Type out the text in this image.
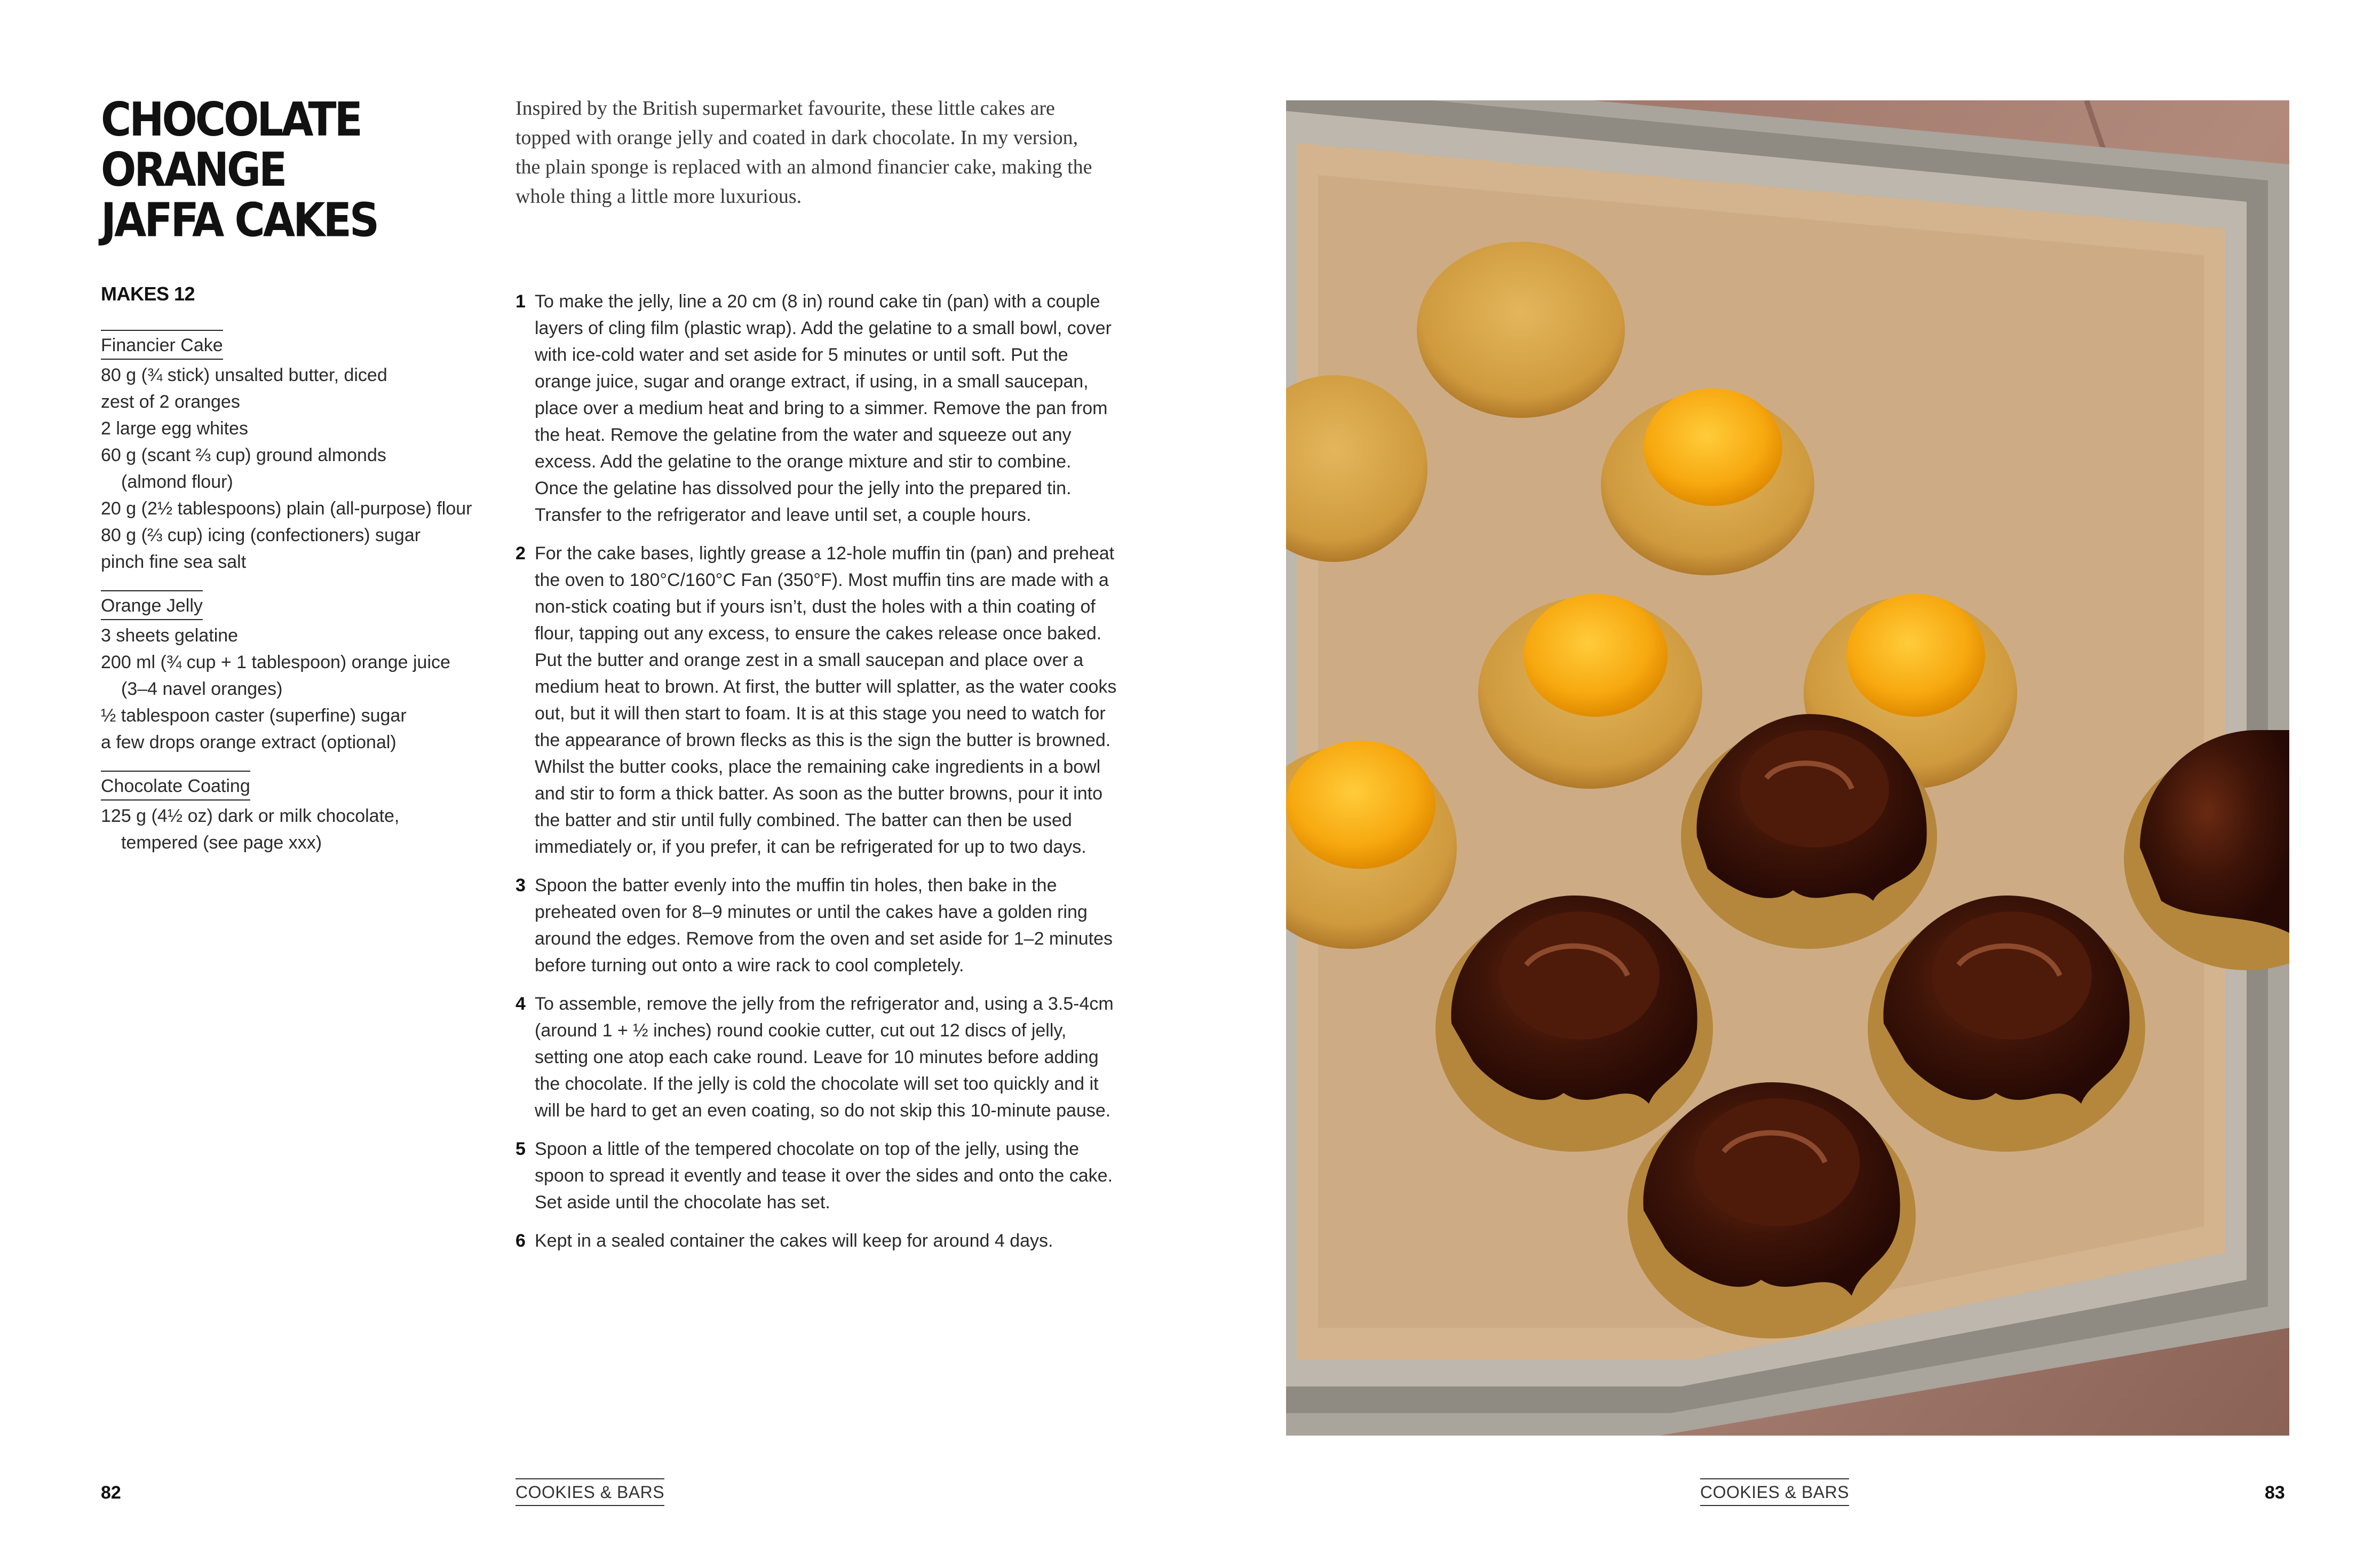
CHOCOLATE ORANGE
JAFFA CAKES

Inspired by the British supermarket favourite, these little cakes are topped with orange jelly and coated in dark chocolate. In my version, the plain sponge is replaced with an almond financier cake, making the whole thing a little more luxurious.

MAKES 12
Financier Cake
80 g (¾ stick) unsalted butter, diced
zest of 2 oranges
2 large egg whites
60 g (scant ⅔ cup) ground almonds (almond flour)
20 g (2½ tablespoons) plain (all-purpose) flour
80 g (⅔ cup) icing (confectioners) sugar
pinch fine sea salt
Orange Jelly
3 sheets gelatine
200 ml (¾ cup + 1 tablespoon) orange juice (3–4 navel oranges)
½ tablespoon caster (superfine) sugar
a few drops orange extract (optional)
Chocolate Coating
125 g (4½ oz) dark or milk chocolate, tempered (see page xxx)
1 To make the jelly, line a 20 cm (8 in) round cake tin (pan) with a couple layers of cling film (plastic wrap). Add the gelatine to a small bowl, cover with ice-cold water and set aside for 5 minutes or until soft. Put the orange juice, sugar and orange extract, if using, in a small saucepan, place over a medium heat and bring to a simmer. Remove the pan from the heat. Remove the gelatine from the water and squeeze out any excess. Add the gelatine to the orange mixture and stir to combine. Once the gelatine has dissolved pour the jelly into the prepared tin. Transfer to the refrigerator and leave until set, a couple hours.
2 For the cake bases, lightly grease a 12-hole muffin tin (pan) and preheat the oven to 180°C/160°C Fan (350°F). Most muffin tins are made with a non-stick coating but if yours isn’t, dust the holes with a thin coating of flour, tapping out any excess, to ensure the cakes release once baked. Put the butter and orange zest in a small saucepan and place over a medium heat to brown. At first, the butter will splatter, as the water cooks out, but it will then start to foam. It is at this stage you need to watch for the appearance of brown flecks as this is the sign the butter is browned. Whilst the butter cooks, place the remaining cake ingredients in a bowl and stir to form a thick batter. As soon as the butter browns, pour it into the batter and stir until fully combined. The batter can then be used immediately or, if you prefer, it can be refrigerated for up to two days.
3 Spoon the batter evenly into the muffin tin holes, then bake in the preheated oven for 8–9 minutes or until the cakes have a golden ring around the edges. Remove from the oven and set aside for 1–2 minutes before turning out onto a wire rack to cool completely.
4 To assemble, remove the jelly from the refrigerator and, using a 3.5-4cm (around 1 + ½ inches) round cookie cutter, cut out 12 discs of jelly, setting one atop each cake round. Leave for 10 minutes before adding the chocolate. If the jelly is cold the chocolate will set too quickly and it will be hard to get an even coating, so do not skip this 10-minute pause.
5 Spoon a little of the tempered chocolate on top of the jelly, using the spoon to spread it evently and tease it over the sides and onto the cake. Set aside until the chocolate has set.
6 Kept in a sealed container the cakes will keep for around 4 days.
82	COOKIES & BARS	COOKIES & BARS	83
